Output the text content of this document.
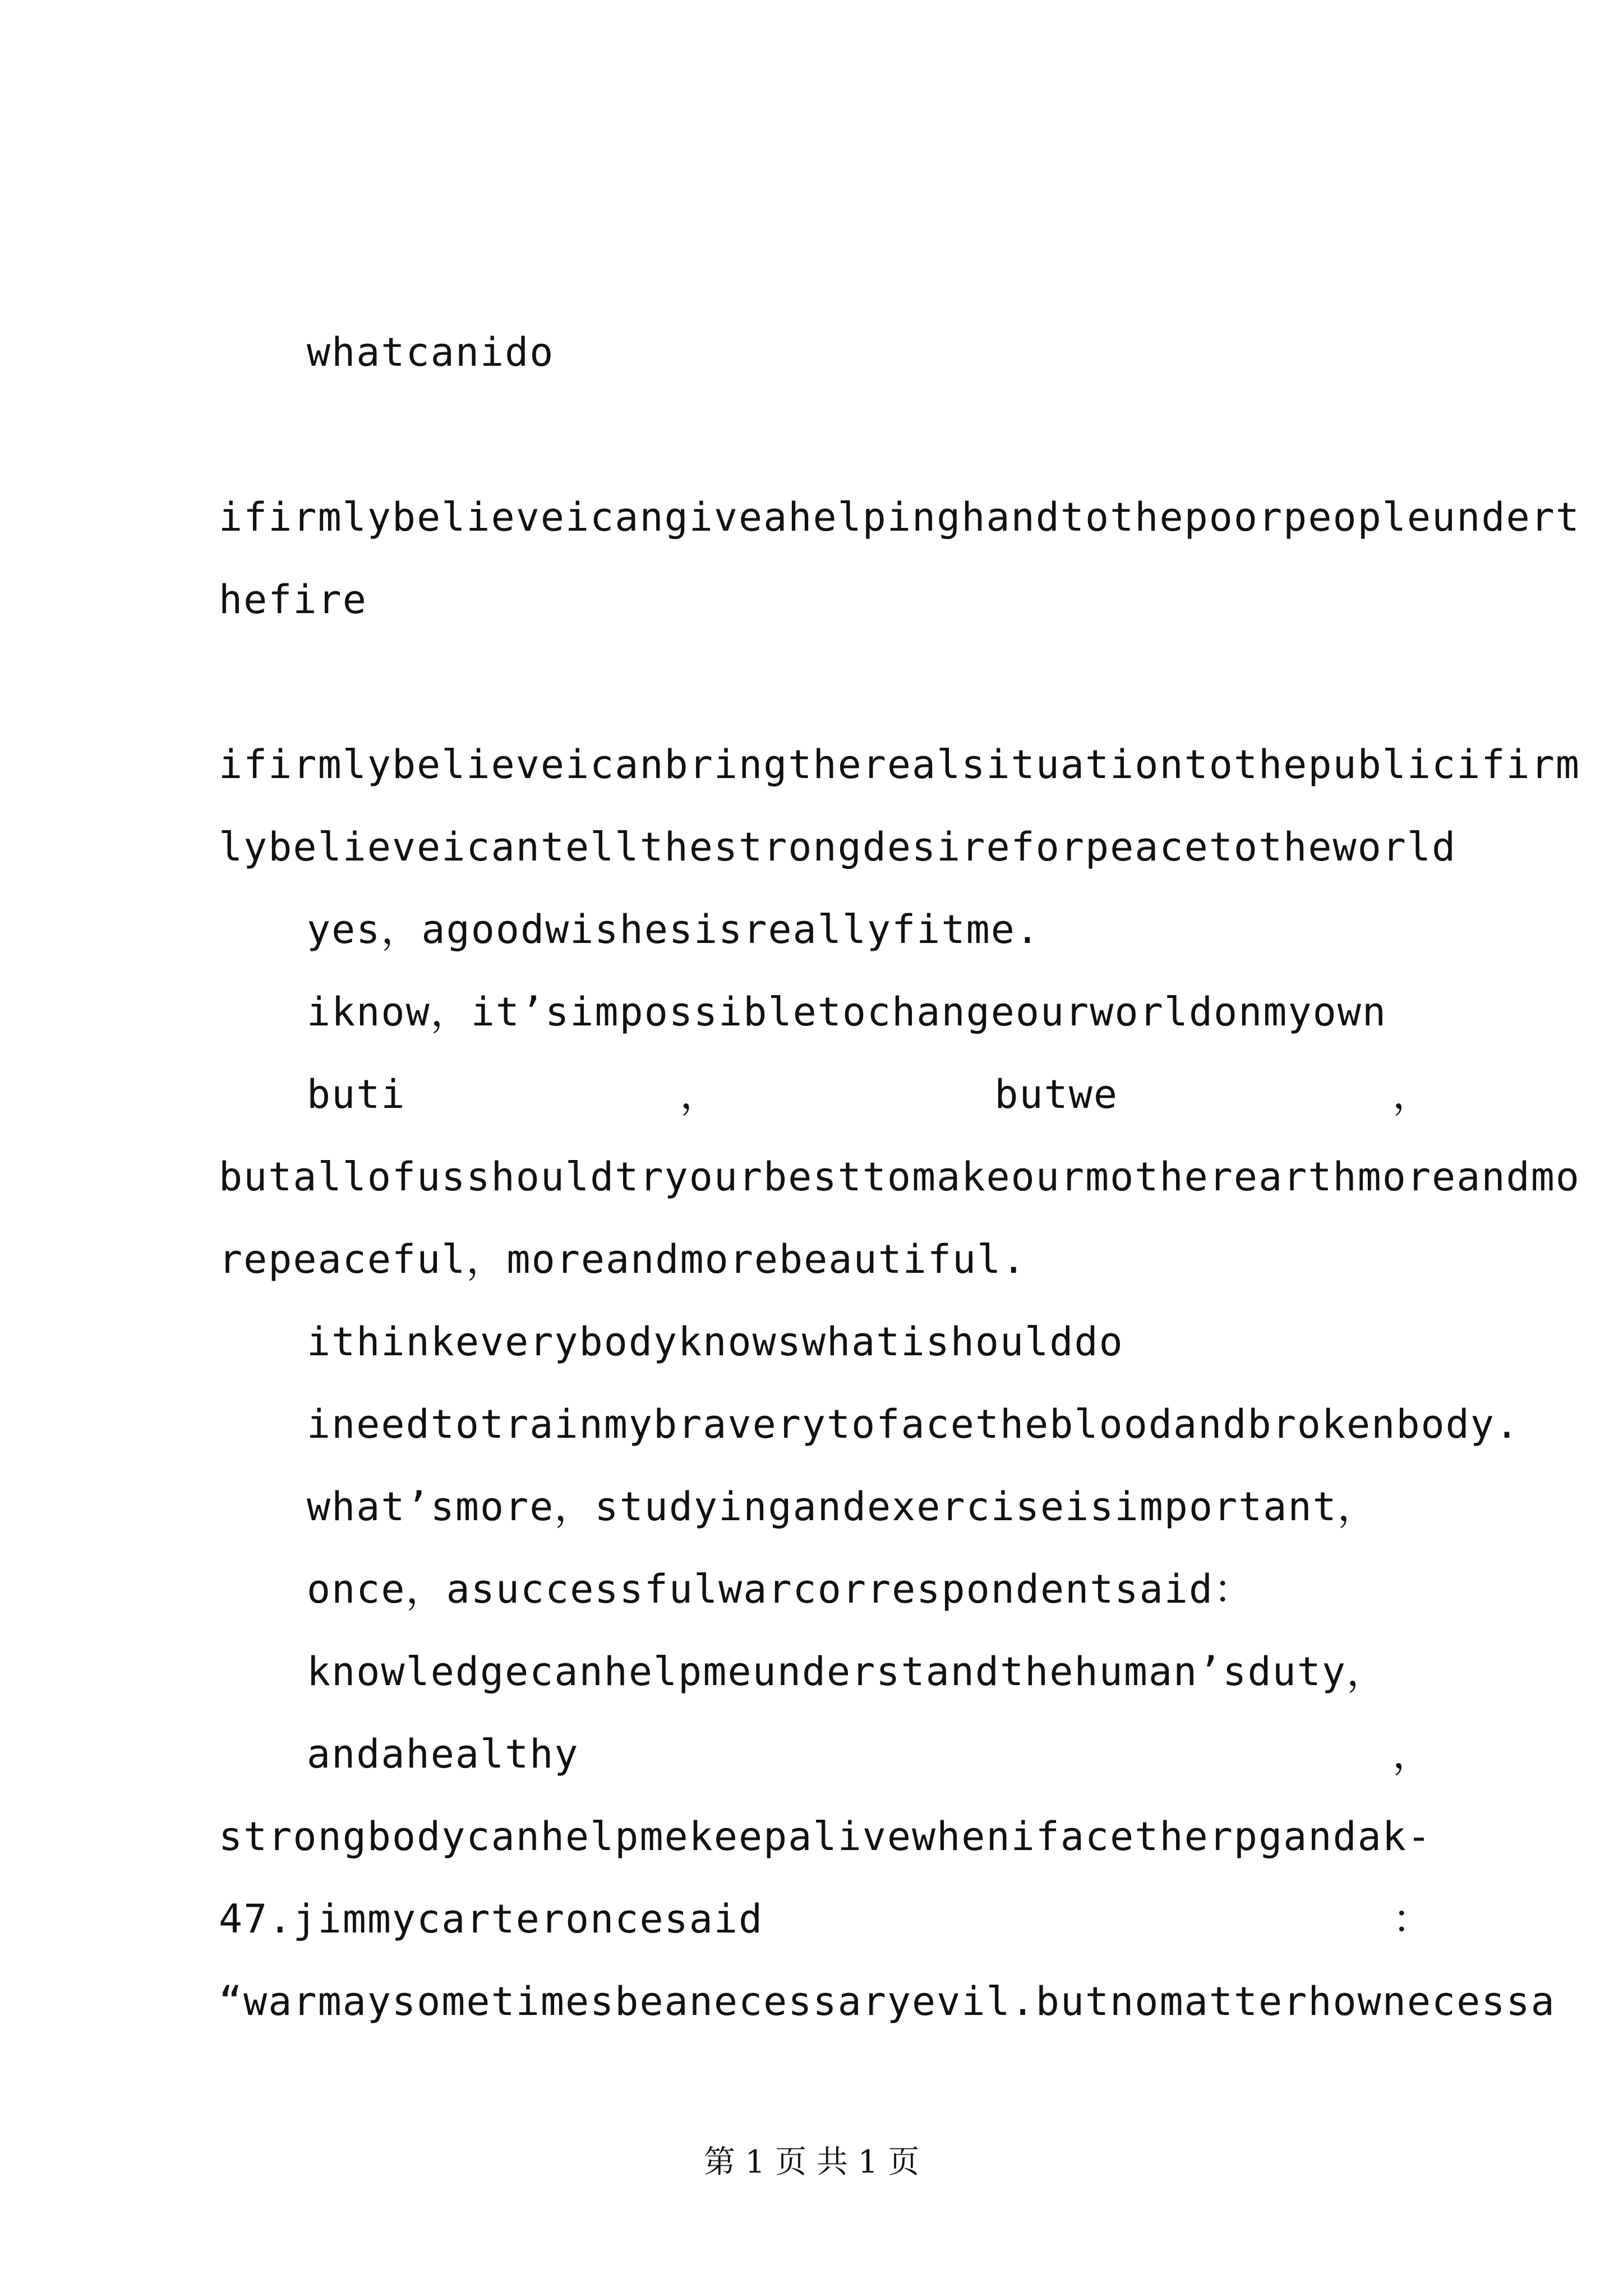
whatcanido
ifirmlybelieveicangiveahelpinghandtothepoorpeopleundert
hefire
ifirmlybelieveicanbringtherealsituationtothepublicifirm
lybelieveicantellthestrongdesireforpeacetotheworld
yes，agoodwishesisreallyfitme.
iknow，it’simpossibletochangeourworldonmyown
buti	，	butwe	，
butallofusshouldtryourbesttomakeourmotherearthmoreandmo
repeaceful，moreandmorebeautiful.
ithinkeverybodyknowswhatishoulddo
ineedtotrainmybraverytofacethebloodandbrokenbody.
what’smore，studyingandexerciseisimportant，
once，asuccessfulwarcorrespondentsaid：
knowledgecanhelpmeunderstandthehuman’sduty，
andahealthy	，
strongbodycanhelpmekeepalivewhenifacetherpgandak-
47.jimmycarteroncesaid	：
“warmaysometimesbeanecessaryevil.butnomatterhownecessa
第 1 页 共 1 页
